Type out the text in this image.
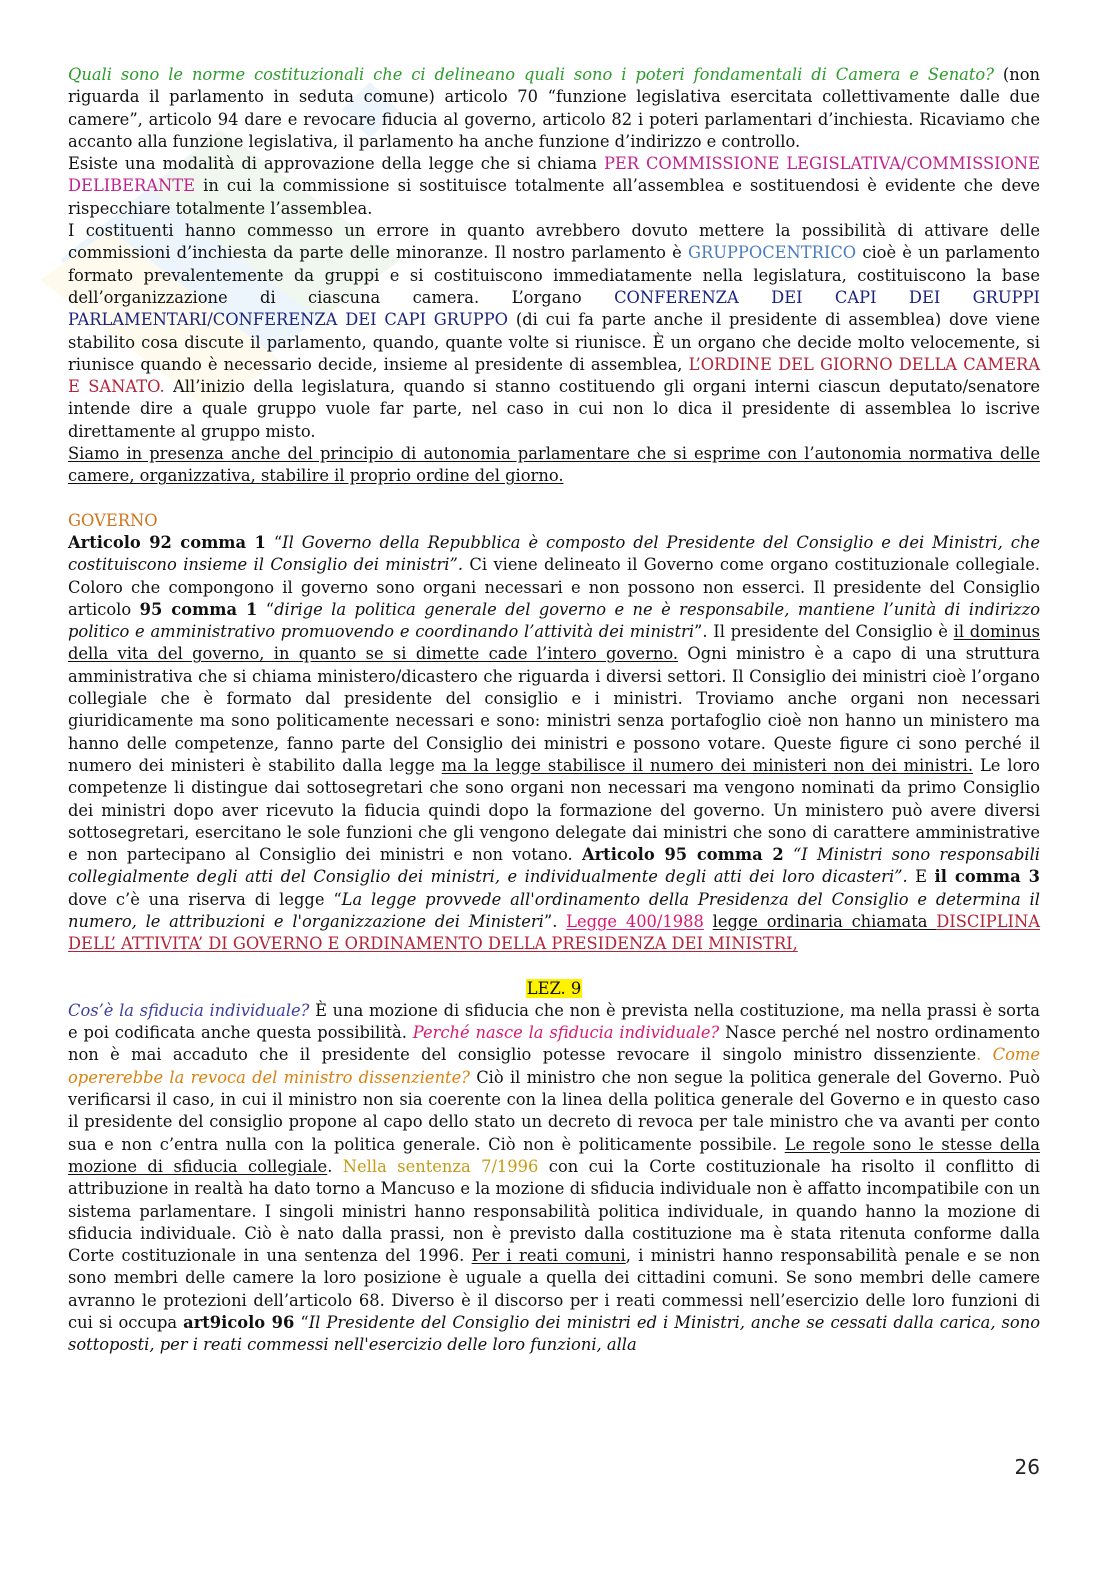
Quali sono le norme costituzionali che ci delineano quali sono i poteri fondamentali di Camera e Senato? (non riguarda il parlamento in seduta comune) articolo 70 “funzione legislativa esercitata collettivamente dalle due camere”, articolo 94 dare e revocare fiducia al governo, articolo 82 i poteri parlamentari d’inchiesta. Ricaviamo che accanto alla funzione legislativa, il parlamento ha anche funzione d’indirizzo e controllo.

Esiste una modalità di approvazione della legge che si chiama PER COMMISSIONE LEGISLATIVA/COMMISSIONE DELIBERANTE in cui la commissione si sostituisce totalmente all’assemblea e sostituendosi è evidente che deve rispecchiare totalmente l’assemblea.

I costituenti hanno commesso un errore in quanto avrebbero dovuto mettere la possibilità di attivare delle commissioni d’inchiesta da parte delle minoranze. Il nostro parlamento è GRUPPOCENTRICO cioè è un parlamento formato prevalentemente da gruppi e si costituiscono immediatamente nella legislatura, costituiscono la base dell’organizzazione di ciascuna camera. L’organo CONFERENZA DEI CAPI DEI GRUPPI PARLAMENTARI/CONFERENZA DEI CAPI GRUPPO (di cui fa parte anche il presidente di assemblea) dove viene stabilito cosa discute il parlamento, quando, quante volte si riunisce. È un organo che decide molto velocemente, si riunisce quando è necessario decide, insieme al presidente di assemblea, L’ORDINE DEL GIORNO DELLA CAMERA E SANATO. All’inizio della legislatura, quando si stanno costituendo gli organi interni ciascun deputato/senatore intende dire a quale gruppo vuole far parte, nel caso in cui non lo dica il presidente di assemblea lo iscrive direttamente al gruppo misto.

Siamo in presenza anche del principio di autonomia parlamentare che si esprime con l’autonomia normativa delle camere, organizzativa, stabilire il proprio ordine del giorno.

GOVERNO

Articolo 92 comma 1 “Il Governo della Repubblica è composto del Presidente del Consiglio e dei Ministri, che costituiscono insieme il Consiglio dei ministri”. Ci viene delineato il Governo come organo costituzionale collegiale. Coloro che compongono il governo sono organi necessari e non possono non esserci. Il presidente del Consiglio articolo 95 comma 1 “dirige la politica generale del governo e ne è responsabile, mantiene l’unità di indirizzo politico e amministrativo promuovendo e coordinando l’attività dei ministri”. Il presidente del Consiglio è il dominus della vita del governo, in quanto se si dimette cade l’intero governo. Ogni ministro è a capo di una struttura amministrativa che si chiama ministero/dicastero che riguarda i diversi settori. Il Consiglio dei ministri cioè l’organo collegiale che è formato dal presidente del consiglio e i ministri. Troviamo anche organi non necessari giuridicamente ma sono politicamente necessari e sono: ministri senza portafoglio cioè non hanno un ministero ma hanno delle competenze, fanno parte del Consiglio dei ministri e possono votare. Queste figure ci sono perché il numero dei ministeri è stabilito dalla legge ma la legge stabilisce il numero dei ministeri non dei ministri. Le loro competenze li distingue dai sottosegretari che sono organi non necessari ma vengono nominati da primo Consiglio dei ministri dopo aver ricevuto la fiducia quindi dopo la formazione del governo. Un ministero può avere diversi sottosegretari, esercitano le sole funzioni che gli vengono delegate dai ministri che sono di carattere amministrative e non partecipano al Consiglio dei ministri e non votano. Articolo 95 comma 2 “I Ministri sono responsabili collegialmente degli atti del Consiglio dei ministri, e individualmente degli atti dei loro dicasteri”. E il comma 3 dove c’è una riserva di legge “La legge provvede all'ordinamento della Presidenza del Consiglio e determina il numero, le attribuzioni e l'organizzazione dei Ministeri”. Legge 400/1988 legge ordinaria chiamata DISCIPLINA DELL’ ATTIVITA’ DI GOVERNO E ORDINAMENTO DELLA PRESIDENZA DEI MINISTRI,

LEZ. 9

Cos’è la sfiducia individuale? È una mozione di sfiducia che non è prevista nella costituzione, ma nella prassi è sorta e poi codificata anche questa possibilità. Perché nasce la sfiducia individuale? Nasce perché nel nostro ordinamento non è mai accaduto che il presidente del consiglio potesse revocare il singolo ministro dissenziente. Come opererebbe la revoca del ministro dissenziente? Ciò il ministro che non segue la politica generale del Governo. Può verificarsi il caso, in cui il ministro non sia coerente con la linea della politica generale del Governo e in questo caso il presidente del consiglio propone al capo dello stato un decreto di revoca per tale ministro che va avanti per conto sua e non c’entra nulla con la politica generale. Ciò non è politicamente possibile. Le regole sono le stesse della mozione di sfiducia collegiale. Nella sentenza 7/1996 con cui la Corte costituzionale ha risolto il conflitto di attribuzione in realtà ha dato torno a Mancuso e la mozione di sfiducia individuale non è affatto incompatibile con un sistema parlamentare. I singoli ministri hanno responsabilità politica individuale, in quando hanno la mozione di sfiducia individuale. Ciò è nato dalla prassi, non è previsto dalla costituzione ma è stata ritenuta conforme dalla Corte costituzionale in una sentenza del 1996. Per i reati comuni, i ministri hanno responsabilità penale e se non sono membri delle camere la loro posizione è uguale a quella dei cittadini comuni. Se sono membri delle camere avranno le protezioni dell’articolo 68. Diverso è il discorso per i reati commessi nell’esercizio delle loro funzioni di cui si occupa art9icolo 96 “Il Presidente del Consiglio dei ministri ed i Ministri, anche se cessati dalla carica, sono sottoposti, per i reati commessi nell'esercizio delle loro funzioni, alla

26
